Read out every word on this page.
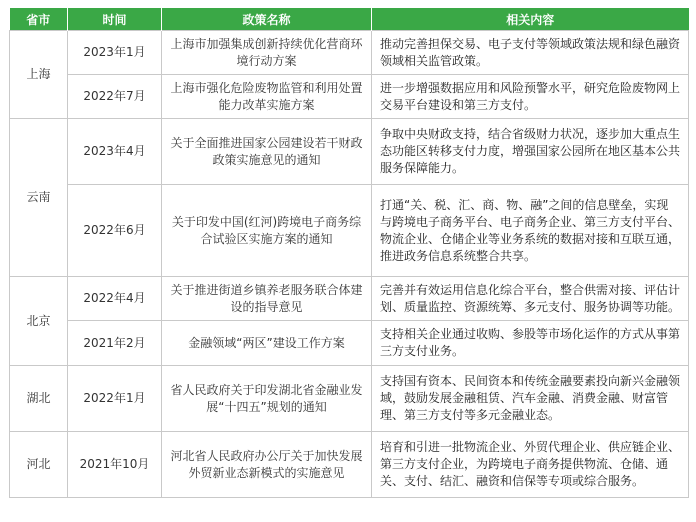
省市	时间	政策名称	相关内容
上海	2023年1月	上海市加强集成创新持续优化营商环境行动方案	推动完善担保交易、电子支付等领域政策法规和绿色融资领域相关监管政策。
	2022年7月	上海市强化危险废物监管和利用处置能力改革实施方案	进一步增强数据应用和风险预警水平，研究危险废物网上交易平台建设和第三方支付。
云南	2023年4月	关于全面推进国家公园建设若干财政政策实施意见的通知	争取中央财政支持，结合省级财力状况，逐步加大重点生态功能区转移支付力度，增强国家公园所在地区基本公共服务保障能力。
	2022年6月	关于印发中国(红河)跨境电子商务综合试验区实施方案的通知	打通“关、税、汇、商、物、融”之间的信息壁垒，实现与跨境电子商务平台、电子商务企业、第三方支付平台、物流企业、仓储企业等业务系统的数据对接和互联互通，推进政务信息系统整合共享。
北京	2022年4月	关于推进街道乡镇养老服务联合体建设的指导意见	完善并有效运用信息化综合平台，整合供需对接、评估计划、质量监控、资源统筹、多元支付、服务协调等功能。
	2021年2月	金融领域“两区”建设工作方案	支持相关企业通过收购、参股等市场化运作的方式从事第三方支付业务。
湖北	2022年1月	省人民政府关于印发湖北省金融业发展“十四五”规划的通知	支持国有资本、民间资本和传统金融要素投向新兴金融领域，鼓励发展金融租赁、汽车金融、消费金融、财富管理、第三方支付等多元金融业态。
河北	2021年10月	河北省人民政府办公厅关于加快发展外贸新业态新模式的实施意见	培育和引进一批物流企业、外贸代理企业、供应链企业、第三方支付企业，为跨境电子商务提供物流、仓储、通关、支付、结汇、融资和信保等专项或综合服务。
